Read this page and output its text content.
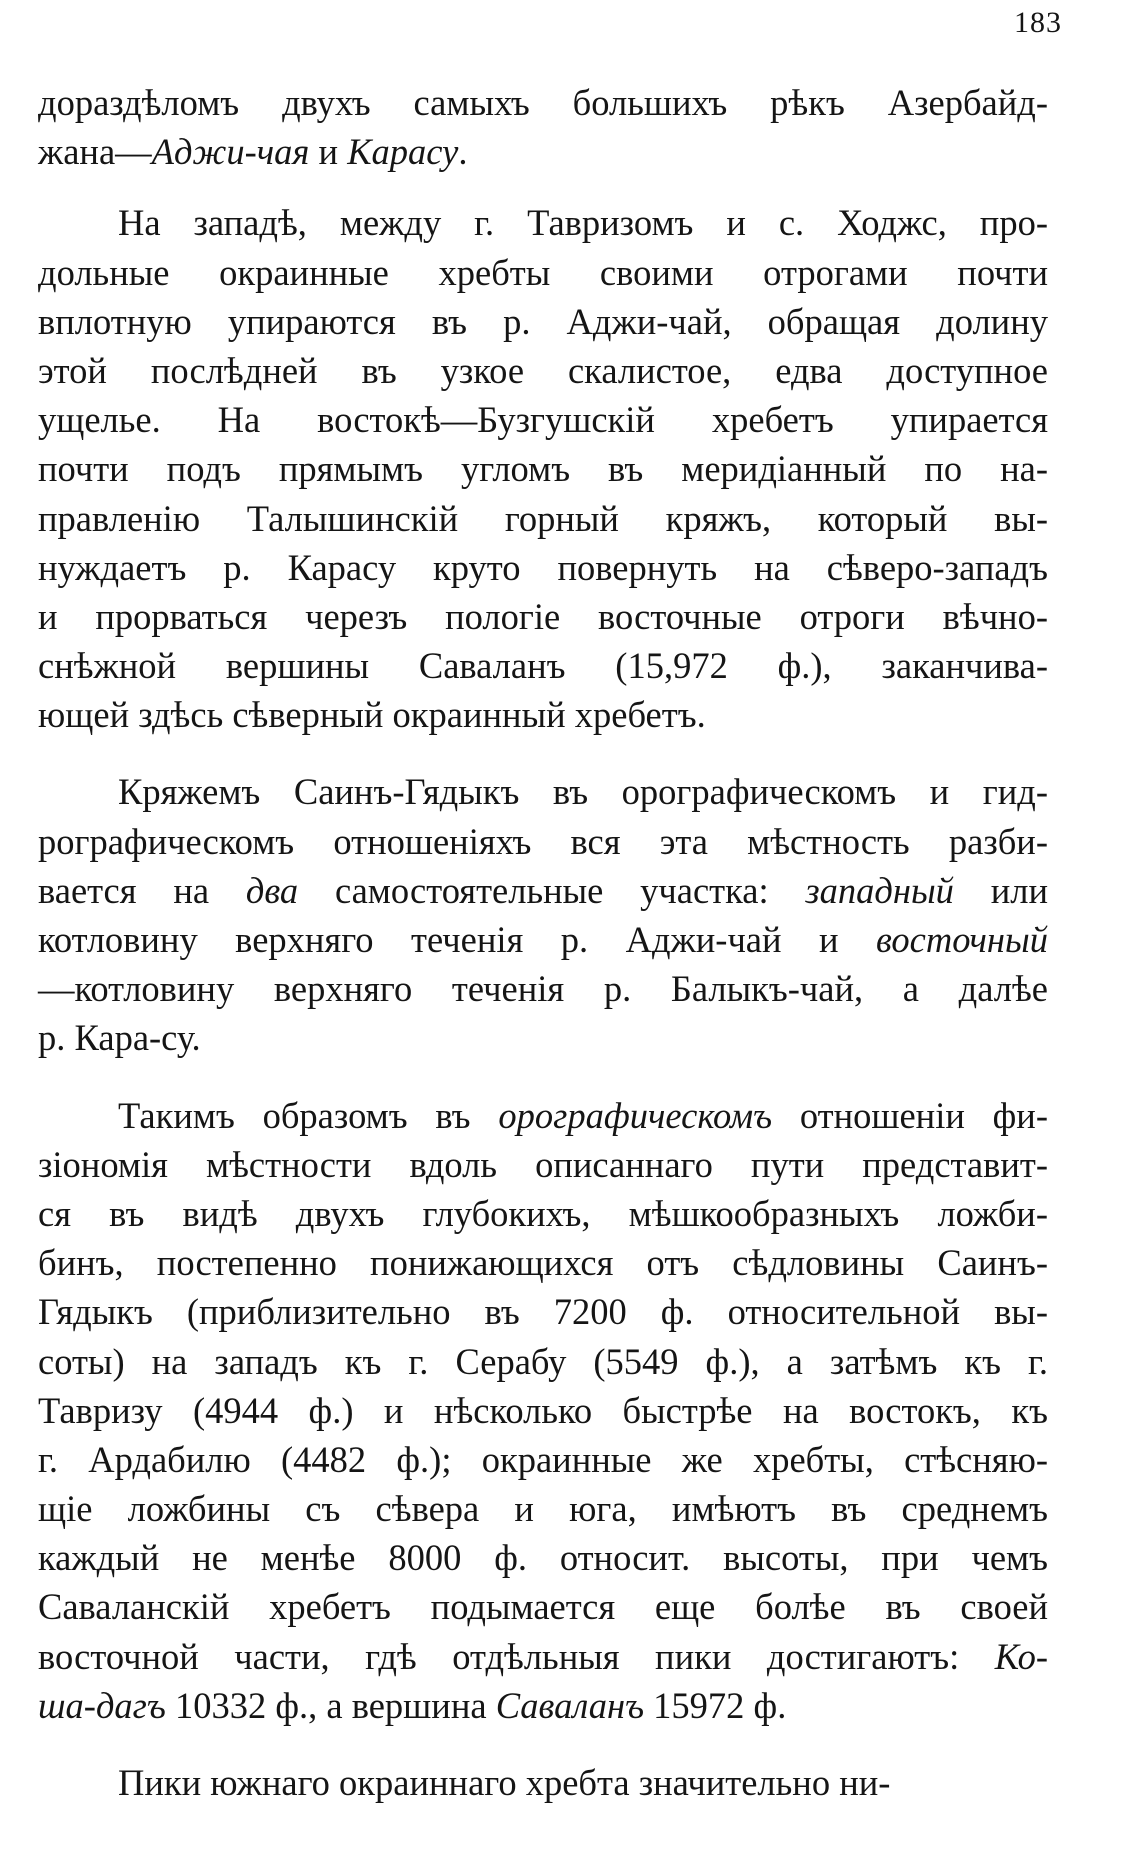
183
дораздѣломъ двухъ самыхъ большихъ рѣкъ Азербайд-
жана—Аджи-чая и Карасу.
На западѣ, между г. Тавризомъ и с. Ходжс, про-
дольные окраинные хребты своими отрогами почти
вплотную упираются въ р. Аджи-чай, обращая долину
этой послѣдней въ узкое скалистое, едва доступное
ущелье. На востокѣ—Бузгушскій хребетъ упирается
почти подъ прямымъ угломъ въ меридіанный по на-
правленію Талышинскій горный кряжъ, который вы-
нуждаетъ р. Карасу круто повернуть на сѣверо-западъ
и прорваться черезъ пологіе восточные отроги вѣчно-
снѣжной вершины Саваланъ (15,972 ф.), заканчива-
ющей здѣсь сѣверный окраинный хребетъ.
Кряжемъ Саинъ-Гядыкъ въ орографическомъ и гид-
рографическомъ отношеніяхъ вся эта мѣстность разби-
вается на два самостоятельные участка: западный или
котловину верхняго теченія р. Аджи-чай и восточный
—котловину верхняго теченія р. Балыкъ-чай, а далѣе
р. Кара-су.
Такимъ образомъ въ орографическомъ отношеніи фи-
зіономія мѣстности вдоль описаннаго пути представит-
ся въ видѣ двухъ глубокихъ, мѣшкообразныхъ ложби-
бинъ, постепенно понижающихся отъ сѣдловины Саинъ-
Гядыкъ (приблизительно въ 7200 ф. относительной вы-
соты) на западъ къ г. Серабу (5549 ф.), а затѣмъ къ г.
Тавризу (4944 ф.) и нѣсколько быстрѣе на востокъ, къ
г. Ардабилю (4482 ф.); окраинные же хребты, стѣсняю-
щіе ложбины съ сѣвера и юга, имѣютъ въ среднемъ
каждый не менѣе 8000 ф. относит. высоты, при чемъ
Саваланскій хребетъ подымается еще болѣе въ своей
восточной части, гдѣ отдѣльныя пики достигаютъ: Ко-
ша-дагъ 10332 ф., а вершина Саваланъ 15972 ф.
Пики южнаго окраиннаго хребта значительно ни-
